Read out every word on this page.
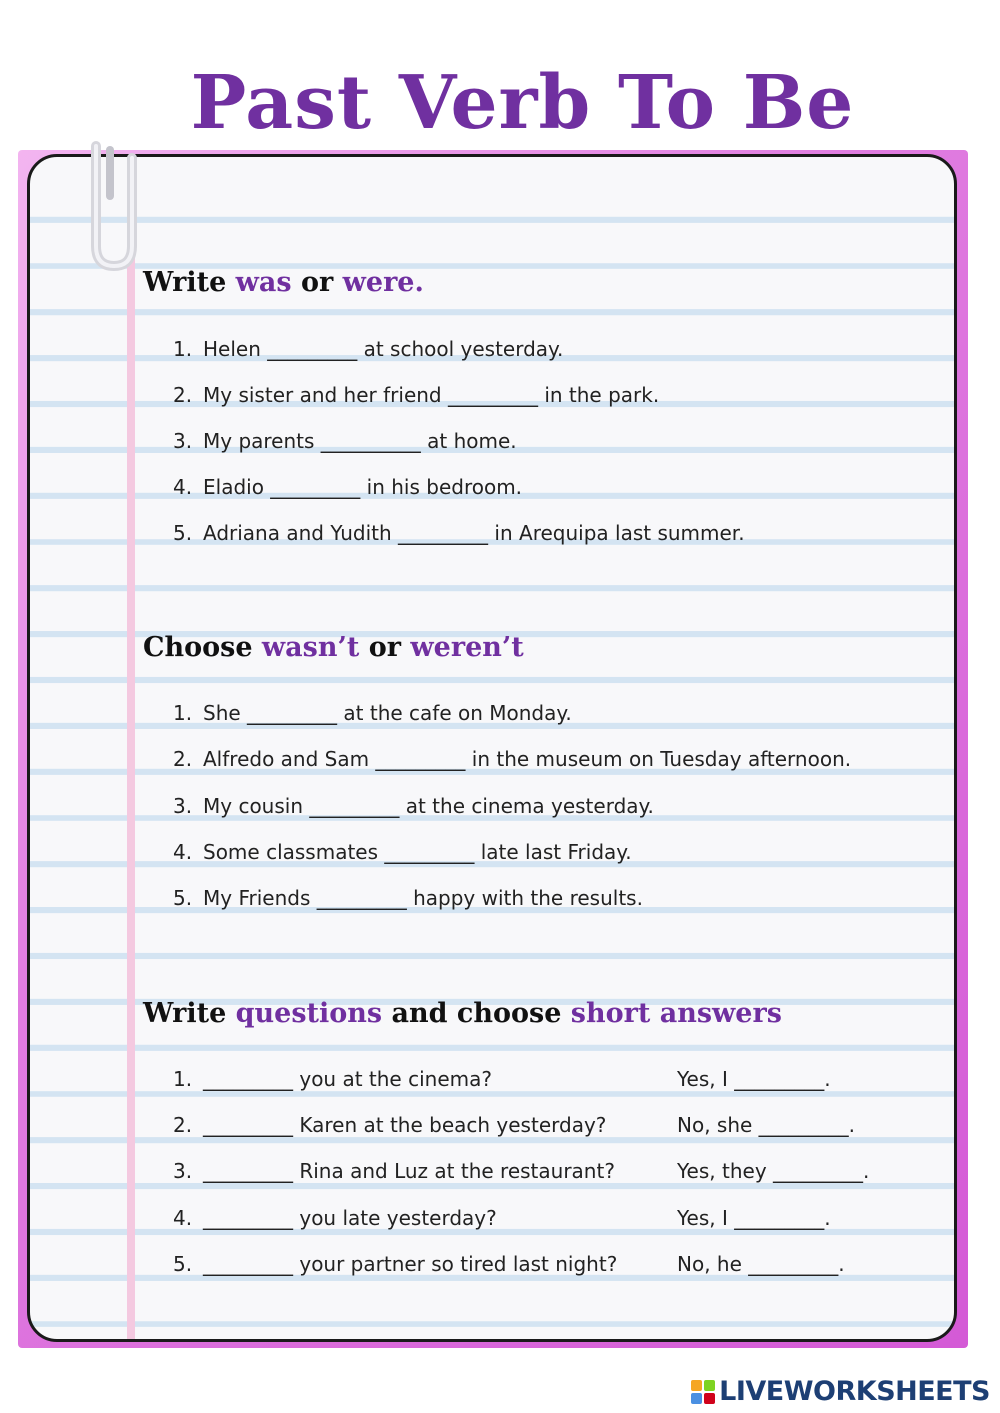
Past Verb To Be
Write was or were.
1. Helen _________ at school yesterday.
2. My sister and her friend _________ in the park.
3. My parents __________ at home.
4. Eladio _________ in his bedroom.
5. Adriana and Yudith _________ in Arequipa last summer.
Choose wasn’t or weren’t
1. She _________ at the cafe on Monday.
2. Alfredo and Sam _________ in the museum on Tuesday afternoon.
3. My cousin _________ at the cinema yesterday.
4. Some classmates _________ late last Friday.
5. My Friends _________ happy with the results.
Write questions and choose short answers
1. _________ you at the cinema?	Yes, I _________.
2. _________ Karen at the beach yesterday?	No, she _________.
3. _________ Rina and Luz at the restaurant?	Yes, they _________.
4. _________ you late yesterday?	Yes, I _________.
5. _________ your partner so tired last night?	No, he _________.
LIVEWORKSHEETS
